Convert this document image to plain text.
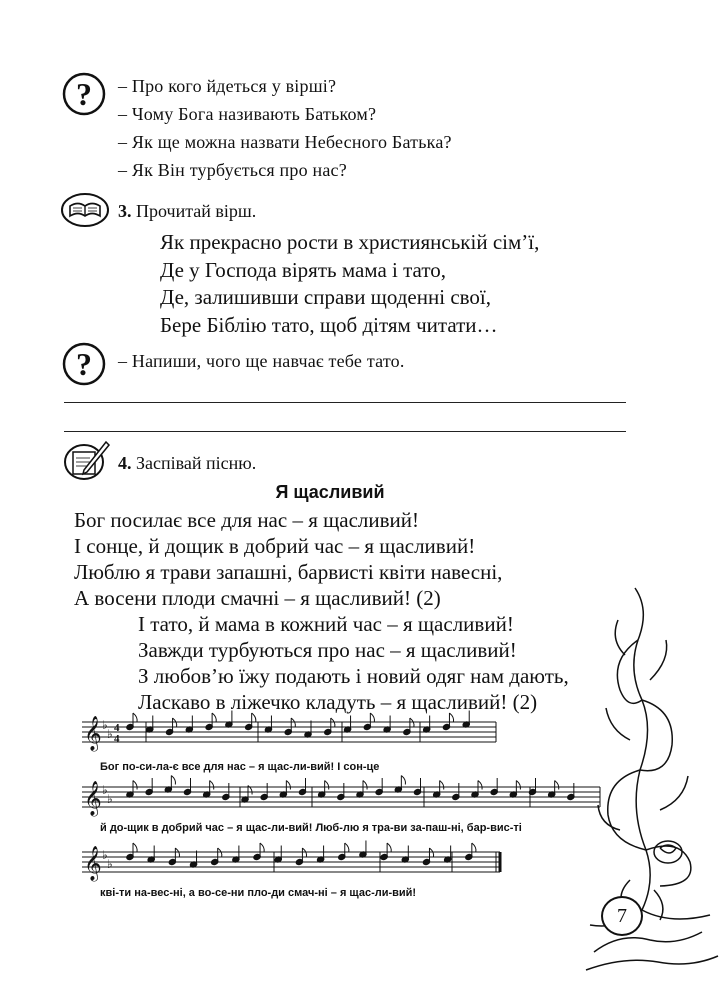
? – Про кого йдеться у вірші?
– Чому Бога називають Батьком?
– Як ще можна назвати Небесного Батька?
– Як Він турбується про нас?
3. Прочитай вірш.
Як прекрасно рости в християнській сім’ї,
Де у Господа вірять мама і тато,
Де, залишивши справи щоденні свої,
Бере Біблію тато, щоб дітям читати…
? – Напиши, чого ще навчає тебе тато.
4. Заспівай пісню.
Я щасливий
Бог посилає все для нас – я щасливий!
І сонце, й дощик в добрий час – я щасливий!
Люблю я трави запашні, барвисті квіти навесні,
А восени плоди смачні – я щасливий! (2)
І тато, й мама в кожний час – я щасливий!
Завжди турбуються про нас – я щасливий!
З любов’ю їжу подають і новий одяг нам дають,
Ласкаво в ліжечко кладуть – я щасливий! (2)
𝄞 ♭
♭
𝄞 ♭
♭
𝄞 ♭
♭
4
4
Бог по-си-ла-є все для нас – я щас-ли-вий! І сон-це
й до-щик в добрий час – я щас-ли-вий! Люб-лю я тра-ви за-паш-ні, бар-вис-ті
кві-ти на-вес-ні, а во-се-ни пло-ди смач-ні – я щас-ли-вий!
7
